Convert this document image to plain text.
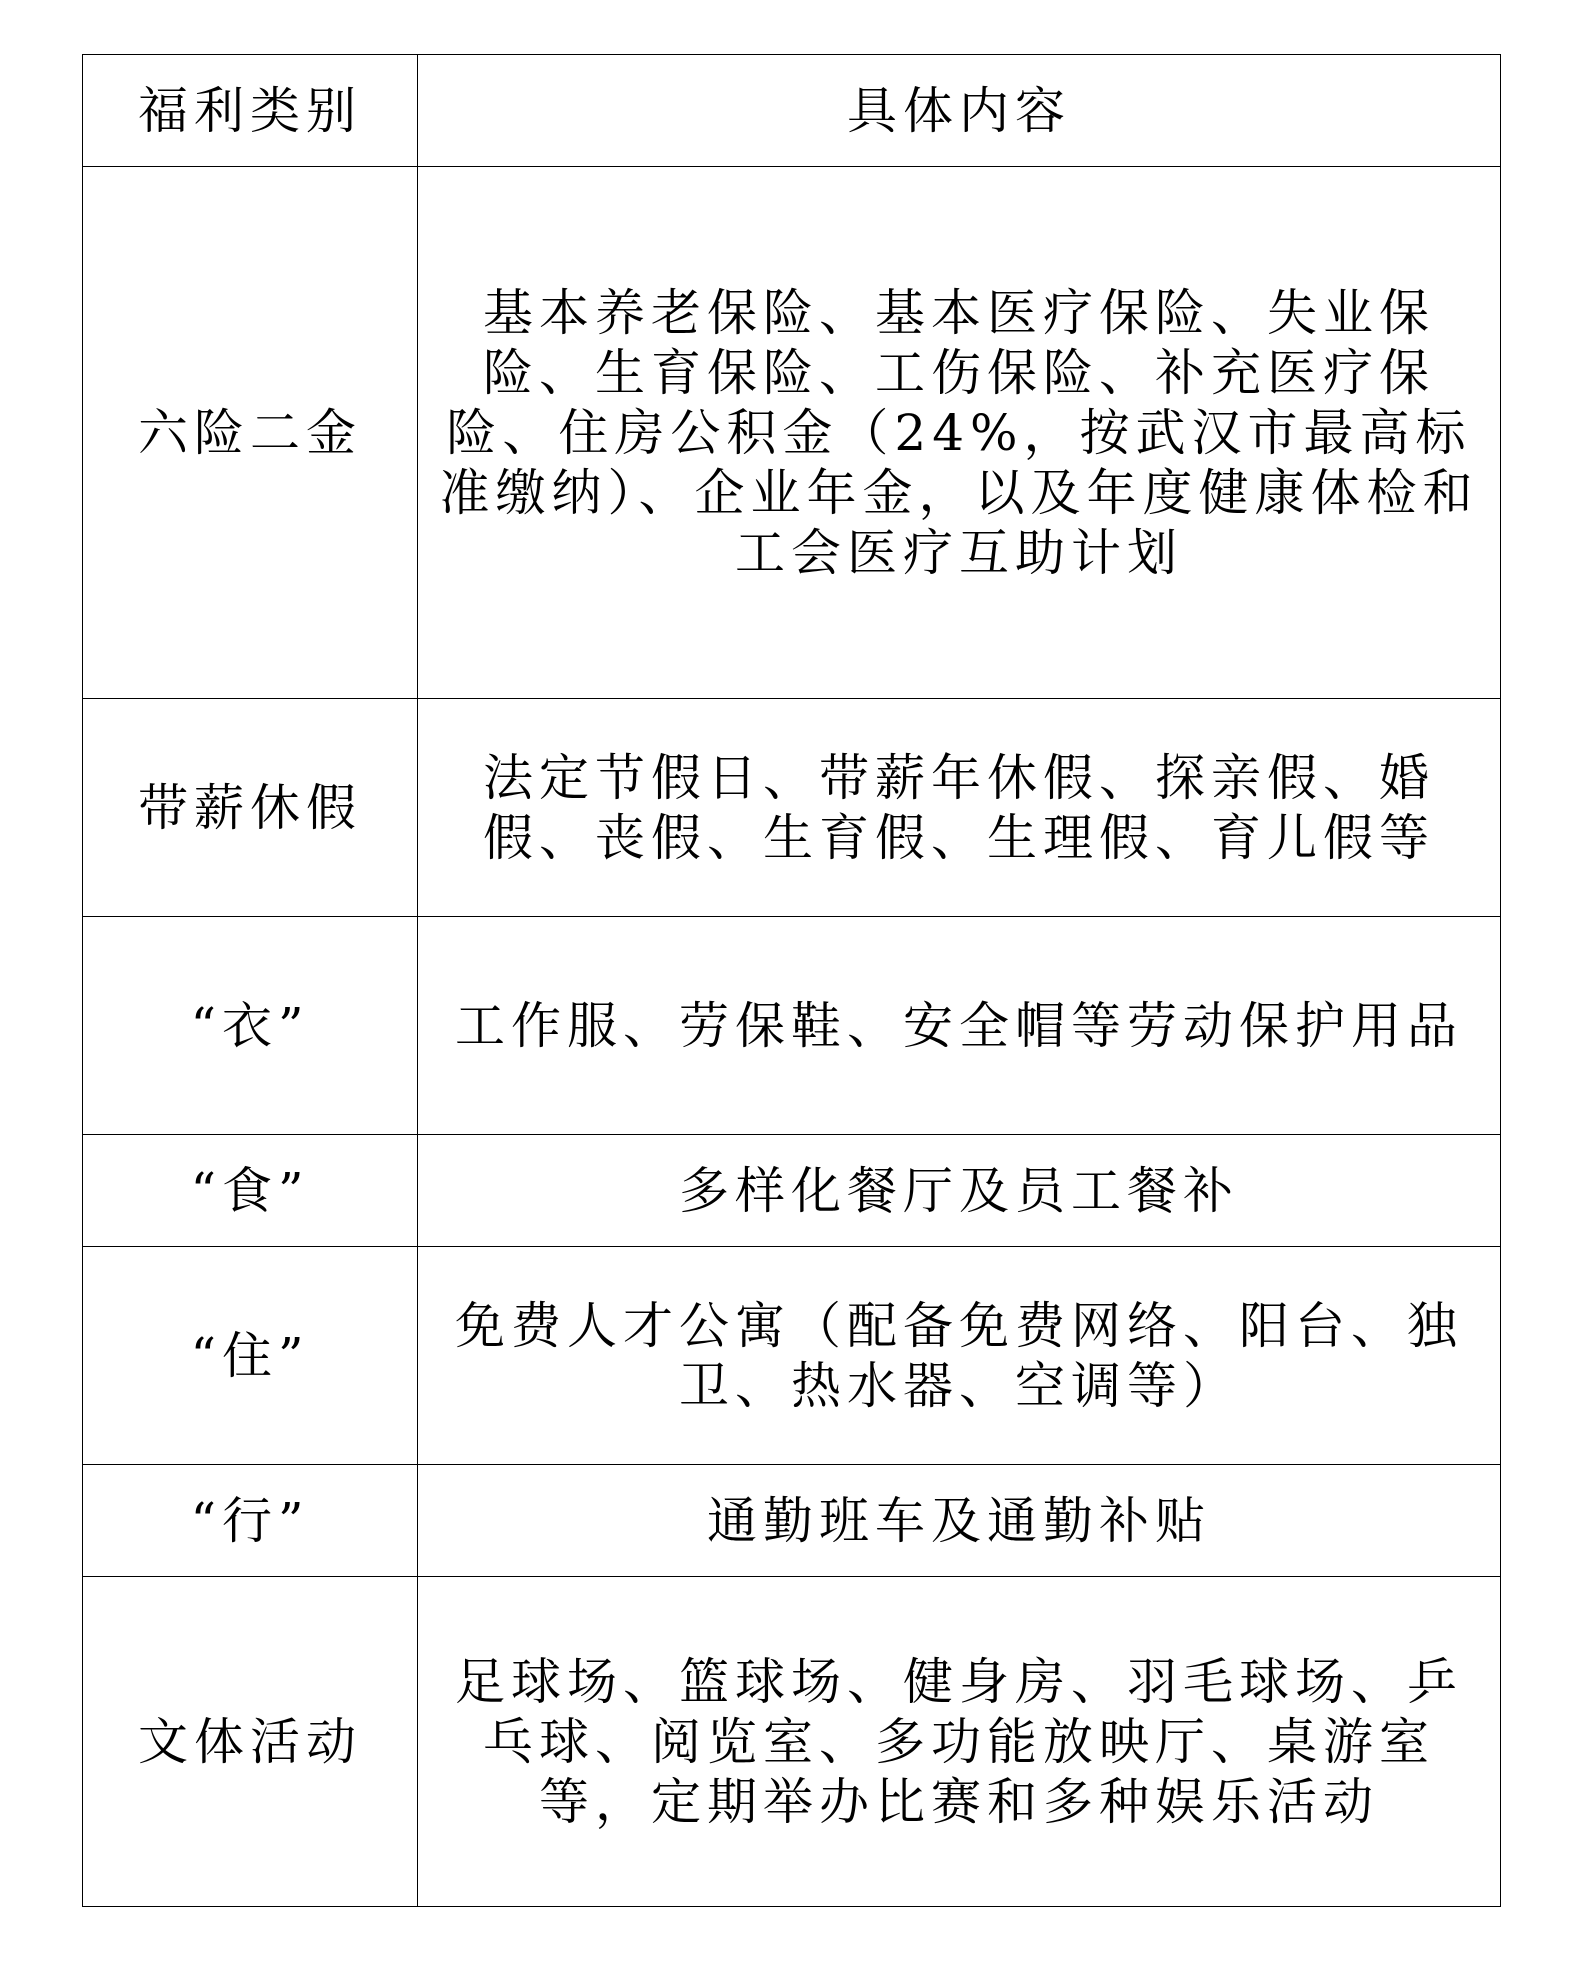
福利类别	具体内容
六险二金	基本养老保险、基本医疗保险、失业保险、生育保险、工伤保险、补充医疗保险、住房公积金（24%，按武汉市最高标准缴纳）、企业年金，以及年度健康体检和工会医疗互助计划
带薪休假	法定节假日、带薪年休假、探亲假、婚假、丧假、生育假、生理假、育儿假等
“衣”	工作服、劳保鞋、安全帽等劳动保护用品
“食”	多样化餐厅及员工餐补
“住”	免费人才公寓（配备免费网络、阳台、独卫、热水器、空调等）
“行”	通勤班车及通勤补贴
文体活动	足球场、篮球场、健身房、羽毛球场、乒乓球、阅览室、多功能放映厅、桌游室等，定期举办比赛和多种娱乐活动
